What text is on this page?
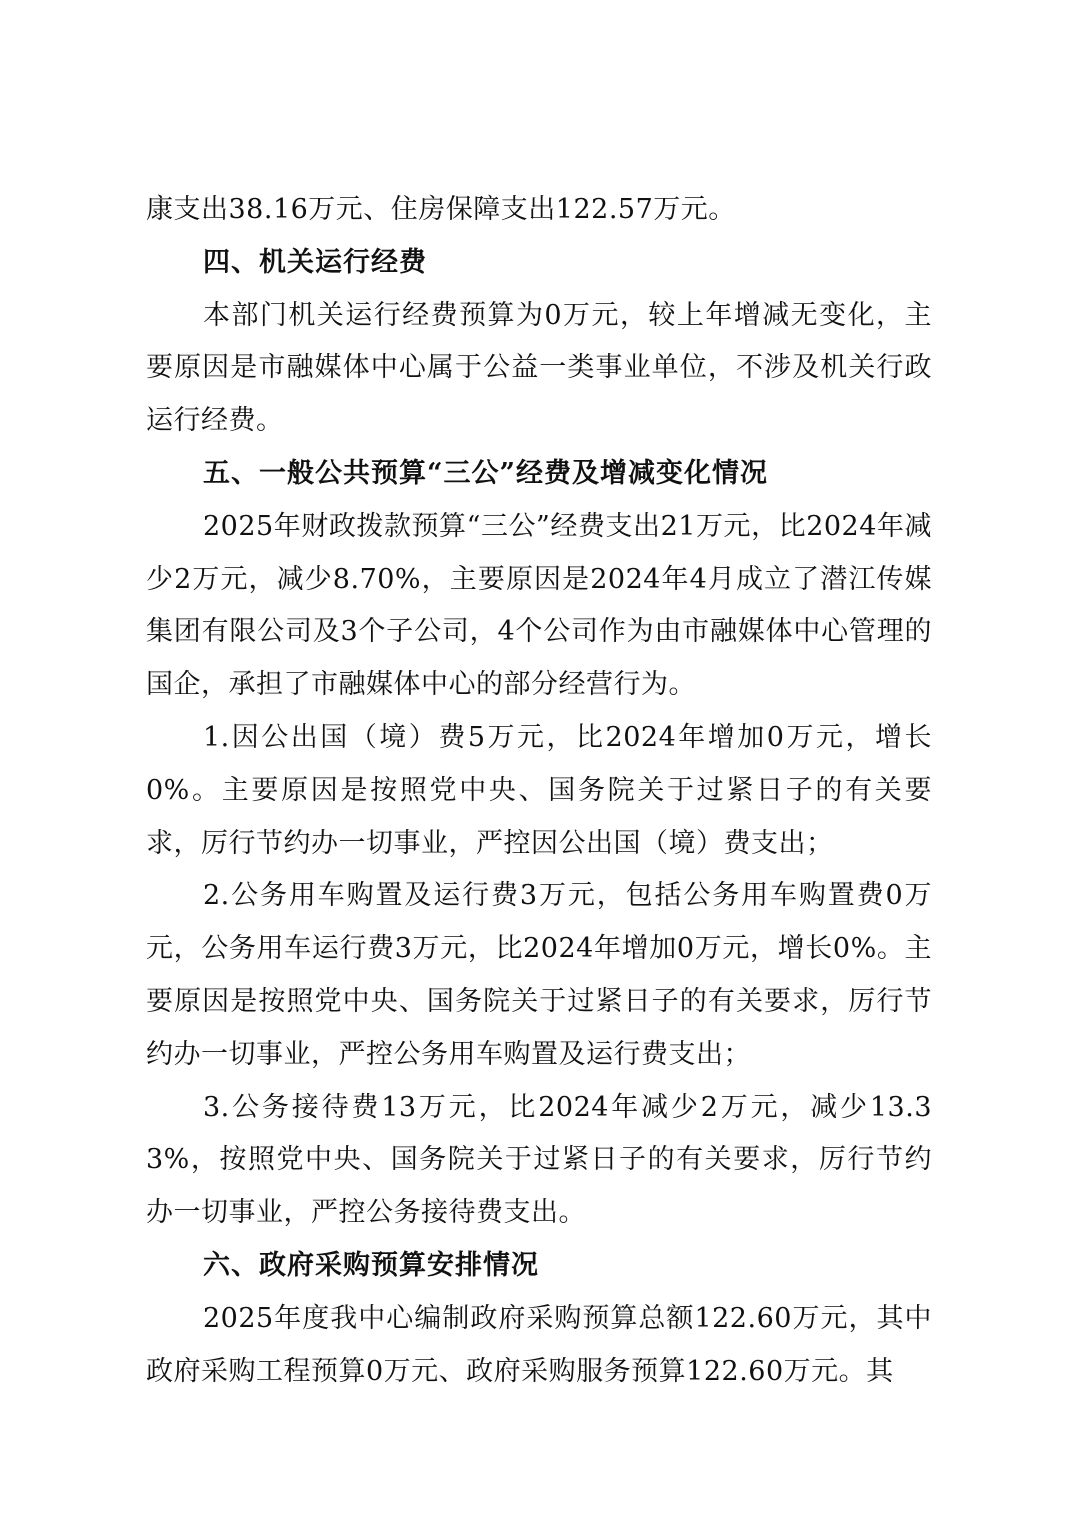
康支出38.16万元、住房保障支出122.57万元。

四、机关运行经费

本部门机关运行经费预算为0万元，较上年增减无变化，主要原因是市融媒体中心属于公益一类事业单位，不涉及机关行政运行经费。

五、一般公共预算“三公”经费及增减变化情况

2025年财政拨款预算“三公”经费支出21万元，比2024年减少2万元，减少8.70%，主要原因是2024年4月成立了潜江传媒集团有限公司及3个子公司，4个公司作为由市融媒体中心管理的国企，承担了市融媒体中心的部分经营行为。

1.因公出国（境）费5万元，比2024年增加0万元，增长0%。主要原因是按照党中央、国务院关于过紧日子的有关要求，厉行节约办一切事业，严控因公出国（境）费支出；

2.公务用车购置及运行费3万元，包括公务用车购置费0万元，公务用车运行费3万元，比2024年增加0万元，增长0%。主要原因是按照党中央、国务院关于过紧日子的有关要求，厉行节约办一切事业，严控公务用车购置及运行费支出；

3.公务接待费13万元，比2024年减少2万元，减少13.33%，按照党中央、国务院关于过紧日子的有关要求，厉行节约办一切事业，严控公务接待费支出。

六、政府采购预算安排情况

2025年度我中心编制政府采购预算总额122.60万元，其中政府采购工程预算0万元、政府采购服务预算122.60万元。其
